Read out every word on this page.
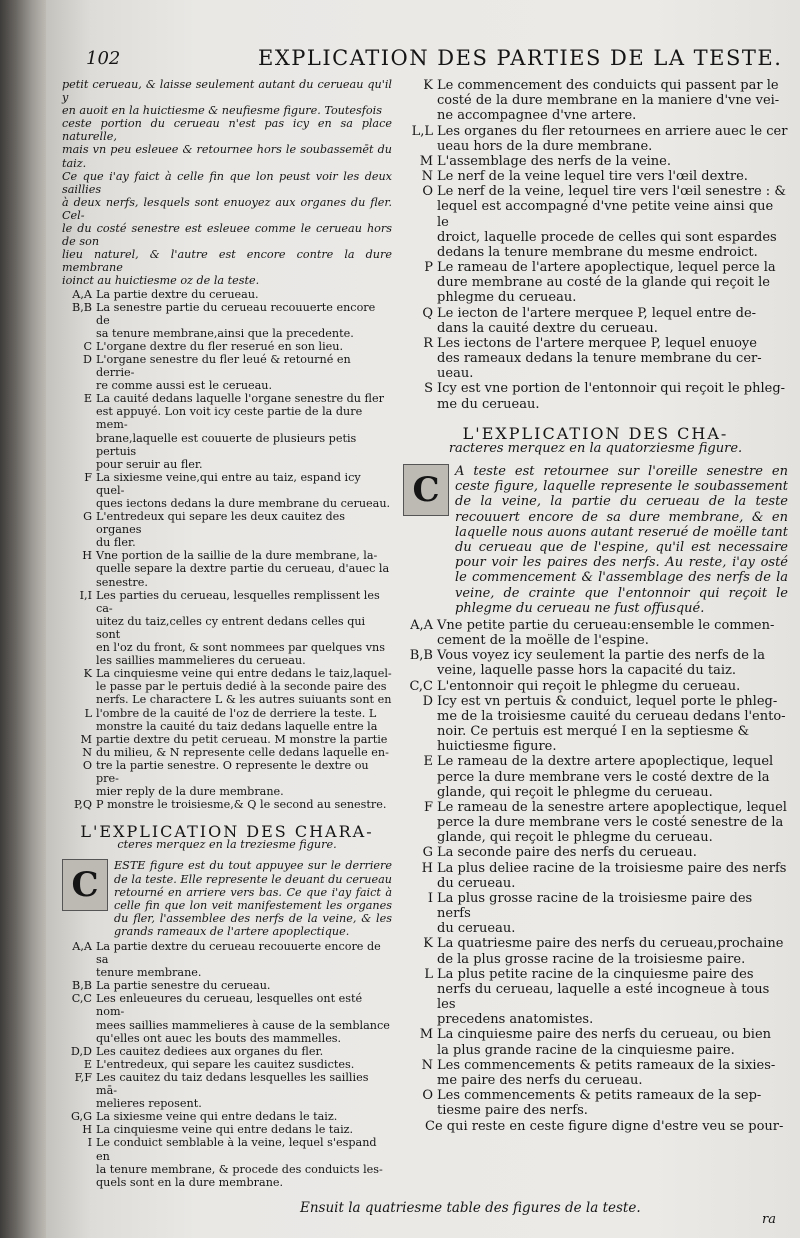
102	EXPLICATION DES PARTIES DE LA TESTE.
petit cerueau, & laisse seulement autant du cerueau qu'il y
en auoit en la huictiesme & neufiesme figure. Toutesfois
ceste portion du cerueau n'est pas icy en sa place naturelle,
mais vn peu esleuee & retournee hors le soubassemēt du taiz.
Ce que i'ay faict à celle fin que lon peust voir les deux saillies
à deux nerfs, lesquels sont enuoyez aux organes du fler. Cel-
le du costé senestre est esleuee comme le cerueau hors de son
lieu naturel, & l'autre est encore contre la dure membrane
ioinct au huictiesme oz de la teste.
A,A La partie dextre du cerueau.
B,B La senestre partie du cerueau recouuerte encore de
sa tenure membrane,ainsi que la precedente.
C L'organe dextre du fler reserué en son lieu.
D L'organe senestre du fler leué & retourné en derrie-
re comme aussi est le cerueau.
E La cauité dedans laquelle l'organe senestre du fler
est appuyé. Lon voit icy ceste partie de la dure mem-
brane,laquelle est couuerte de plusieurs petis pertuis
pour seruir au fler.
F La sixiesme veine,qui entre au taiz, espand icy quel-
ques iectons dedans la dure membrane du cerueau.
G L'entredeux qui separe les deux cauitez des organes
du fler.
H Vne portion de la saillie de la dure membrane, la-
quelle separe la dextre partie du cerueau, d'auec la
senestre.
I,I Les parties du cerueau, lesquelles remplissent les ca-
uitez du taiz,celles cy entrent dedans celles qui sont
en l'oz du front, & sont nommees par quelques vns
les saillies mammelieres du cerueau.
K La cinquiesme veine qui entre dedans le taiz,laquel-
le passe par le pertuis dedié à la seconde paire des
nerfs. Le charactere L & les autres suiuants sont en
L l'ombre de la cauité de l'oz de derriere la teste. L
monstre la cauité du taiz dedans laquelle entre la
M partie dextre du petit cerueau. M monstre la partie
N du milieu, & N represente celle dedans laquelle en-
O tre la partie senestre. O represente le dextre ou pre-
mier reply de la dure membrane.
P,Q P monstre le troisiesme,& Q le second au senestre.
L'EXPLICATION DES CHARA-
cteres merquez en la treziesme figure.
C	ESTE figure est du tout appuyee sur le derriere de la teste. Elle represente le deuant du cerueau retourné en arriere vers bas. Ce que i'ay faict à celle fin que lon veit manifestement les organes du fler, l'assemblee des nerfs de la veine, & les grands rameaux de l'artere apoplectique.

A,A La partie dextre du cerueau recouuerte encore de sa
tenure membrane.
B,B La partie senestre du cerueau.
C,C Les enleueures du cerueau, lesquelles ont esté nom-
mees saillies mammelieres à cause de la semblance
qu'elles ont auec les bouts des mammelles.
D,D Les cauitez dediees aux organes du fler.
E L'entredeux, qui separe les cauitez susdictes.
F,F Les cauitez du taiz dedans lesquelles les saillies mā-
melieres reposent.
G,G La sixiesme veine qui entre dedans le taiz.
H La cinquiesme veine qui entre dedans le taiz.
I Le conduict semblable à la veine, lequel s'espand en
la tenure membrane, & procede des conduicts les-
quels sont en la dure membrane.
K Le commencement des conduicts qui passent par le
costé de la dure membrane en la maniere d'vne vei-
ne accompagnee d'vne artere.
L,L Les organes du fler retournees en arriere auec le cer
ueau hors de la dure membrane.
M L'assemblage des nerfs de la veine.
N Le nerf de la veine lequel tire vers l'œil dextre.
O Le nerf de la veine, lequel tire vers l'œil senestre : &
lequel est accompagné d'vne petite veine ainsi que le
droict, laquelle procede de celles qui sont espardes
dedans la tenure membrane du mesme endroict.
P Le rameau de l'artere apoplectique, lequel perce la
dure membrane au costé de la glande qui reçoit le
phlegme du cerueau.
Q Le iecton de l'artere merquee P, lequel entre de-
dans la cauité dextre du cerueau.
R Les iectons de l'artere merquee P, lequel enuoye
des rameaux dedans la tenure membrane du cer-
ueau.
S Icy est vne portion de l'entonnoir qui reçoit le phleg-
me du cerueau.
L'EXPLICATION DES CHA-
racteres merquez en la quatorziesme figure.
C	A teste est retournee sur l'oreille senestre en ceste figure, laquelle represente le soubassement de la veine, la partie du cerueau de la teste recouuert encore de sa dure membrane, & en laquelle nous auons autant reserué de moëlle tant du cerueau que de l'espine, qu'il est necessaire pour voir les paires des nerfs. Au reste, i'ay osté le commencement & l'assemblage des nerfs de la veine, de crainte que l'entonnoir qui reçoit le phlegme du cerueau ne fust offusqué.

A,A Vne petite partie du cerueau:ensemble le commen-
cement de la moëlle de l'espine.
B,B Vous voyez icy seulement la partie des nerfs de la
veine, laquelle passe hors la capacité du taiz.
C,C L'entonnoir qui reçoit le phlegme du cerueau.
D Icy est vn pertuis & conduict, lequel porte le phleg-
me de la troisiesme cauité du cerueau dedans l'ento-
noir. Ce pertuis est merqué I en la septiesme &
huictiesme figure.
E Le rameau de la dextre artere apoplectique, lequel
perce la dure membrane vers le costé dextre de la
glande, qui reçoit le phlegme du cerueau.
F Le rameau de la senestre artere apoplectique, lequel
perce la dure membrane vers le costé senestre de la
glande, qui reçoit le phlegme du cerueau.
G La seconde paire des nerfs du cerueau.
H La plus deliee racine de la troisiesme paire des nerfs
du cerueau.
I La plus grosse racine de la troisiesme paire des nerfs
du cerueau.
K La quatriesme paire des nerfs du cerueau,prochaine
de la plus grosse racine de la troisiesme paire.
L La plus petite racine de la cinquiesme paire des
nerfs du cerueau, laquelle a esté incogneue à tous les
precedens anatomistes.
M La cinquiesme paire des nerfs du cerueau, ou bien
la plus grande racine de la cinquiesme paire.
N Les commencements & petits rameaux de la sixies-
me paire des nerfs du cerueau.
O Les commencements & petits rameaux de la sep-
tiesme paire des nerfs.
Ce qui reste en ceste figure digne d'estre veu se pour-
Ensuit la quatriesme table des figures de la teste.
ra
